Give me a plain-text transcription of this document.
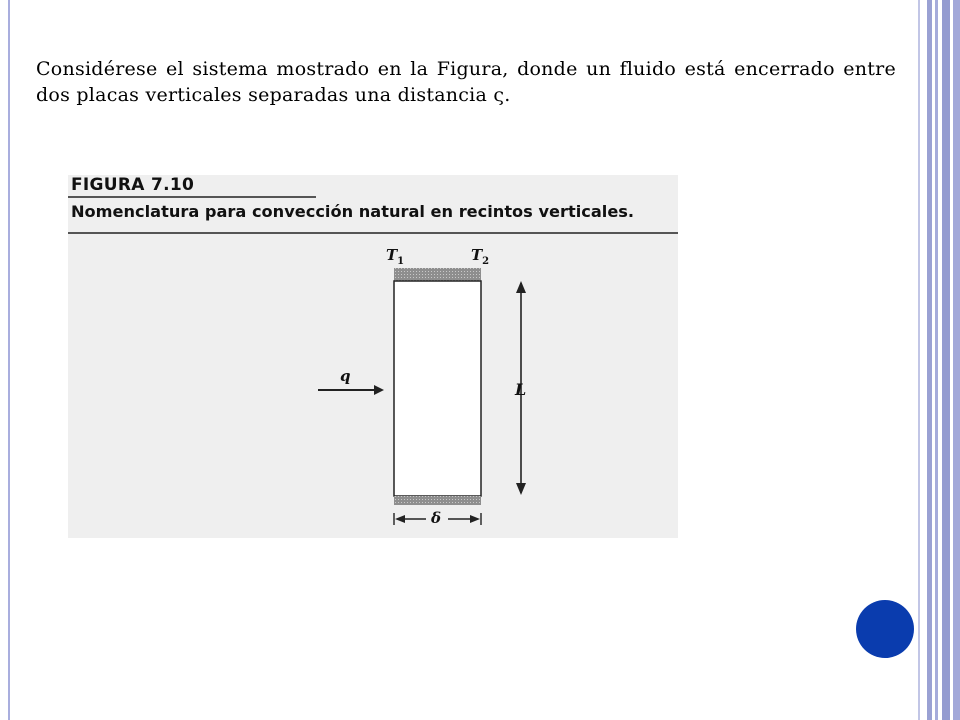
Considérese el sistema mostrado en la Figura, donde un fluido está encerrado entre dos placas verticales separadas una distancia ς.

FIGURA 7.10

Nomenclatura para convección natural en recintos verticales.

$T_1$	$T_2$
q
L
δ
